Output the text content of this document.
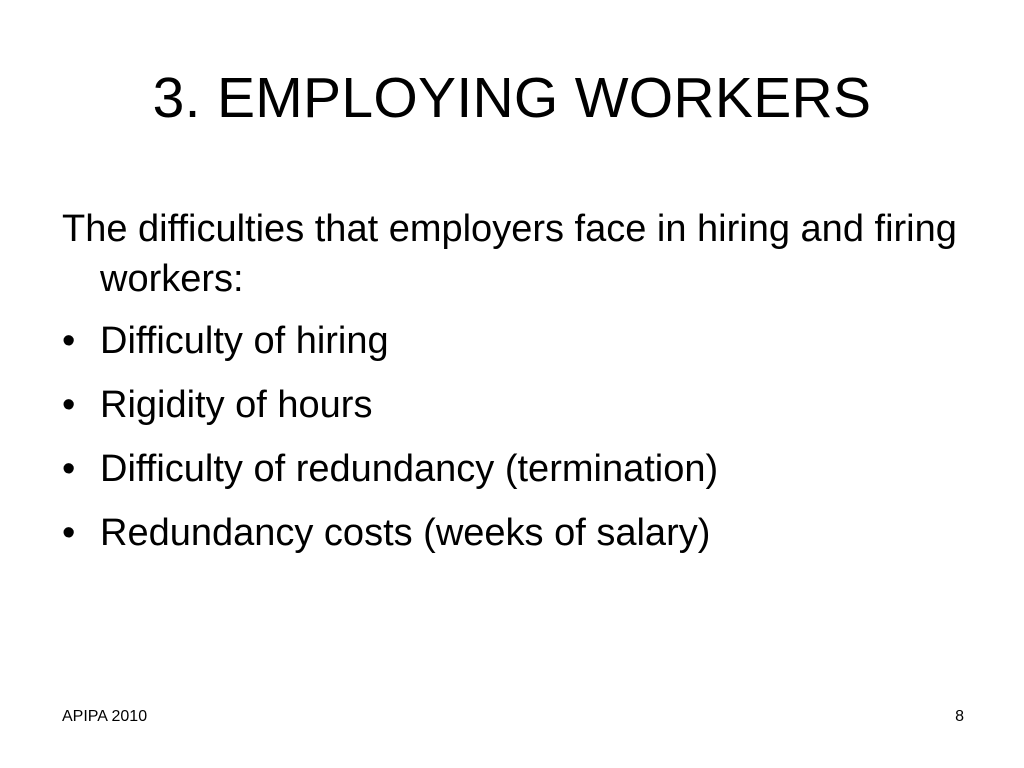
3. EMPLOYING WORKERS

The difficulties that employers face in hiring and firing workers:

• Difficulty of hiring
• Rigidity of hours
• Difficulty of redundancy (termination)
• Redundancy costs (weeks of salary)
APIPA 2010	8
